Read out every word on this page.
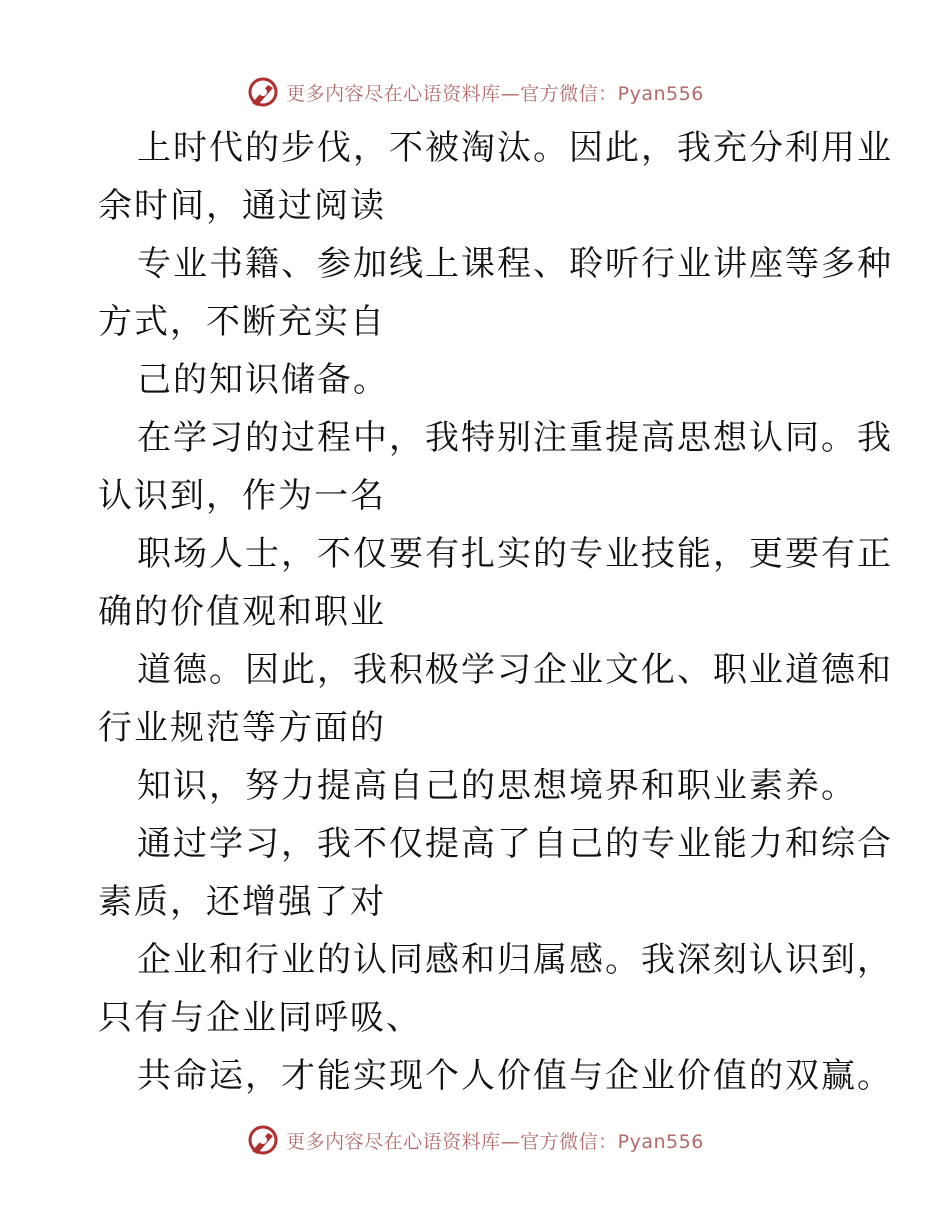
更多内容尽在心语资料库—官方微信：Pyan556
上时代的步伐，不被淘汰。因此，我充分利用业
余时间，通过阅读
专业书籍、参加线上课程、聆听行业讲座等多种
方式，不断充实自
己的知识储备。
在学习的过程中，我特别注重提高思想认同。我
认识到，作为一名
职场人士，不仅要有扎实的专业技能，更要有正
确的价值观和职业
道德。因此，我积极学习企业文化、职业道德和
行业规范等方面的
知识，努力提高自己的思想境界和职业素养。
通过学习，我不仅提高了自己的专业能力和综合
素质，还增强了对
企业和行业的认同感和归属感。我深刻认识到，
只有与企业同呼吸、
共命运，才能实现个人价值与企业价值的双赢。
更多内容尽在心语资料库—官方微信：Pyan556
